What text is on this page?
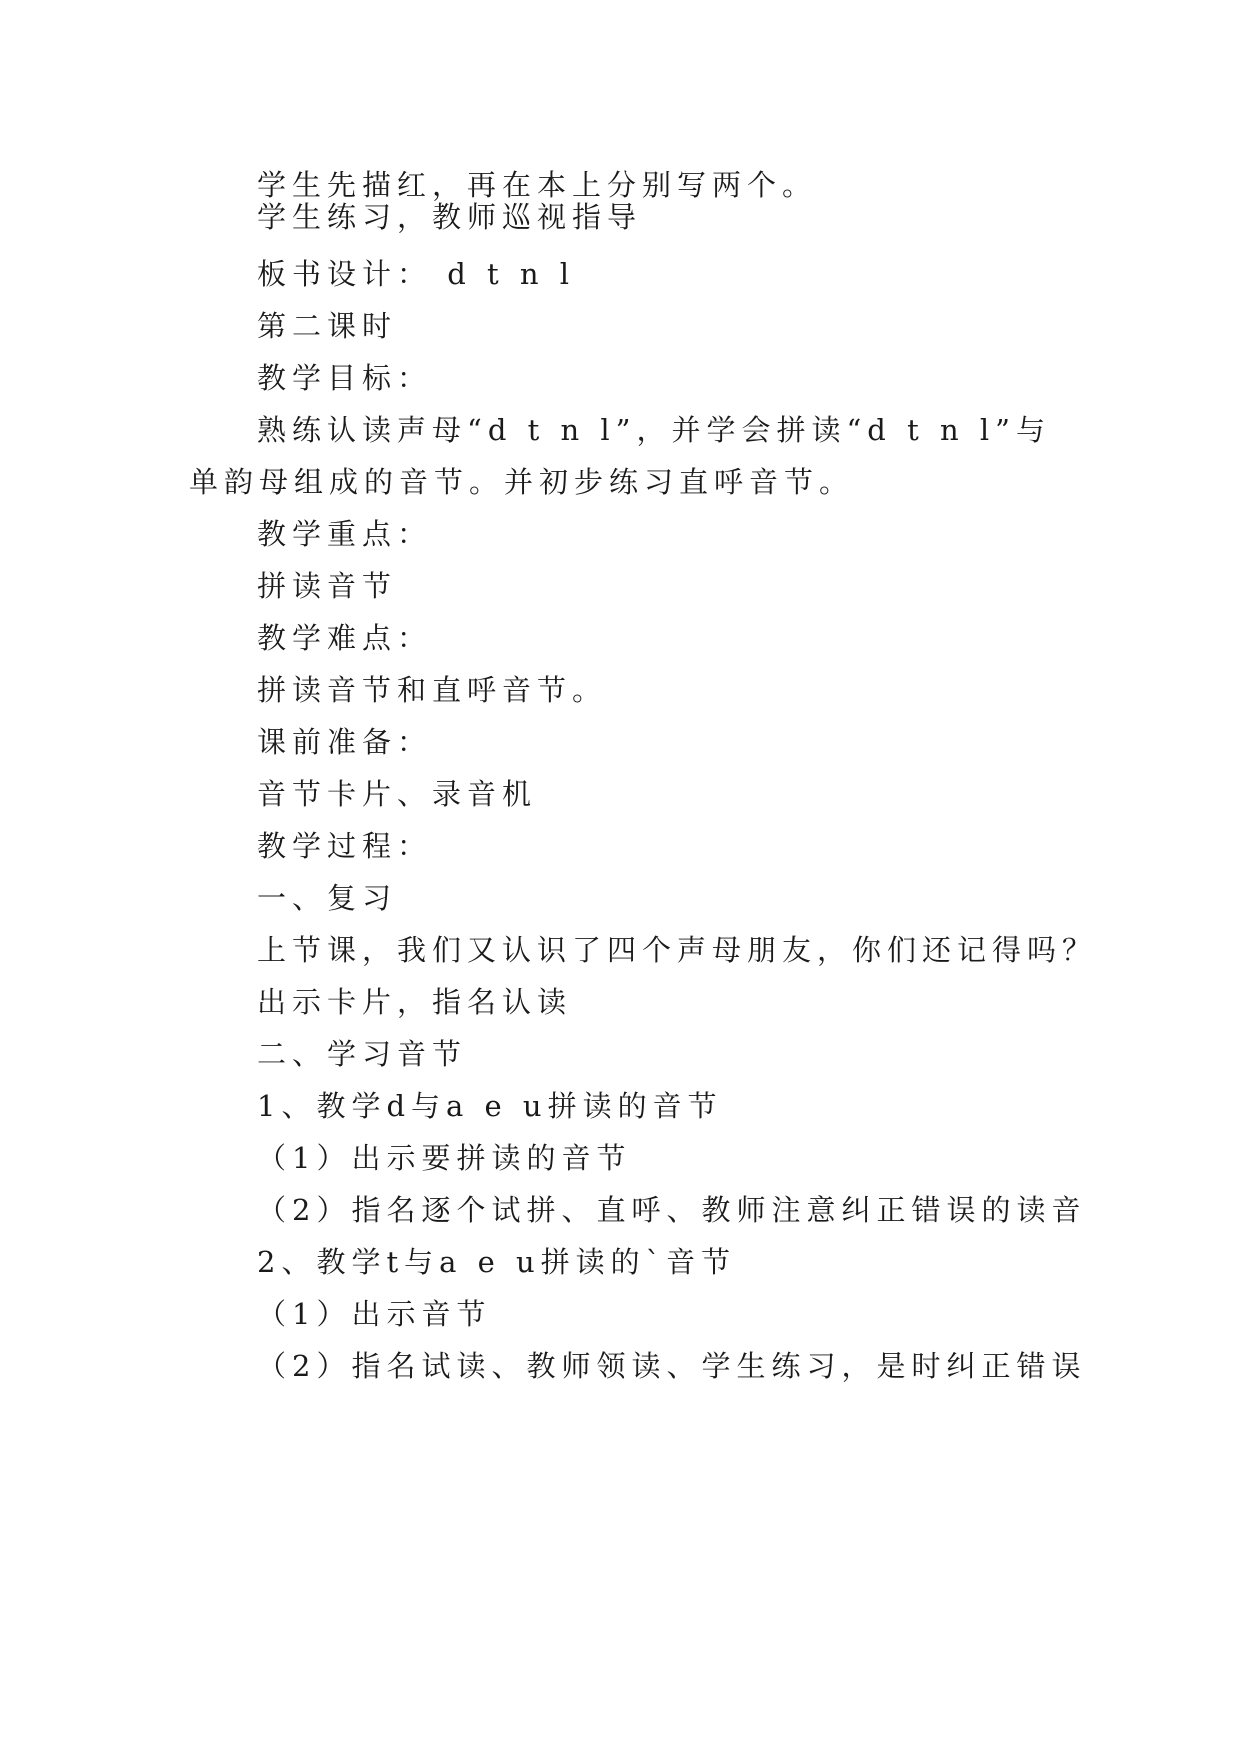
学生先描红，再在本上分别写两个。
学生练习，教师巡视指导
板书设计： d t n l
第二课时
教学目标：
熟练认读声母“d t n l”，并学会拼读“d t n l”与
单韵母组成的音节。并初步练习直呼音节。
教学重点：
拼读音节
教学难点：
拼读音节和直呼音节。
课前准备：
音节卡片、录音机
教学过程：
一、复习
上节课，我们又认识了四个声母朋友，你们还记得吗？
出示卡片，指名认读
二、学习音节
1、教学d与a e u拼读的音节
（1）出示要拼读的音节
（2）指名逐个试拼、直呼、教师注意纠正错误的读音
2、教学t与a e u拼读的`音节
（1）出示音节
（2）指名试读、教师领读、学生练习，是时纠正错误
